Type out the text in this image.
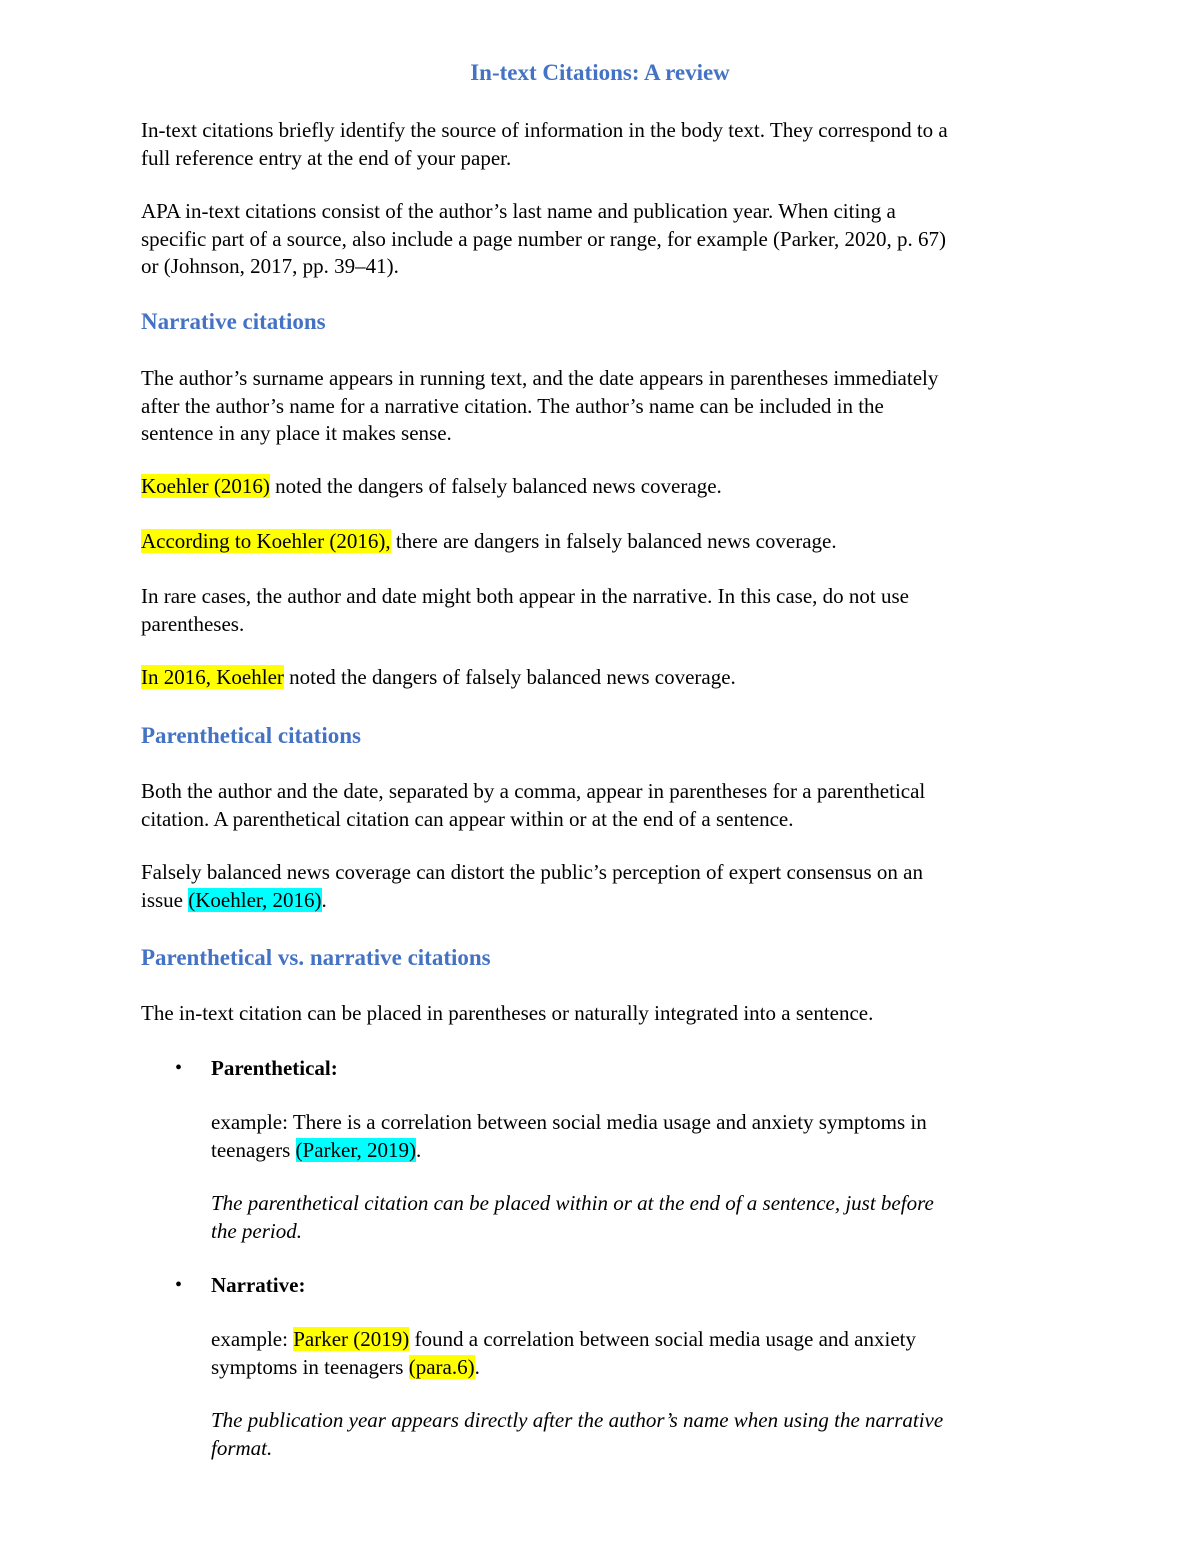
In-text Citations: A review

In-text citations briefly identify the source of information in the body text. They correspond to a
full reference entry at the end of your paper.

APA in-text citations consist of the author’s last name and publication year. When citing a
specific part of a source, also include a page number or range, for example (Parker, 2020, p. 67)
or (Johnson, 2017, pp. 39–41).

Narrative citations

The author’s surname appears in running text, and the date appears in parentheses immediately
after the author’s name for a narrative citation. The author’s name can be included in the
sentence in any place it makes sense.

Koehler (2016) noted the dangers of falsely balanced news coverage.

According to Koehler (2016), there are dangers in falsely balanced news coverage.

In rare cases, the author and date might both appear in the narrative. In this case, do not use
parentheses.

In 2016, Koehler noted the dangers of falsely balanced news coverage.

Parenthetical citations

Both the author and the date, separated by a comma, appear in parentheses for a parenthetical
citation. A parenthetical citation can appear within or at the end of a sentence.

Falsely balanced news coverage can distort the public’s perception of expert consensus on an
issue (Koehler, 2016).

Parenthetical vs. narrative citations

The in-text citation can be placed in parentheses or naturally integrated into a sentence.

• Parenthetical:

example: There is a correlation between social media usage and anxiety symptoms in
teenagers (Parker, 2019).

The parenthetical citation can be placed within or at the end of a sentence, just before
the period.

• Narrative:

example: Parker (2019) found a correlation between social media usage and anxiety
symptoms in teenagers (para.6).

The publication year appears directly after the author’s name when using the narrative
format.
